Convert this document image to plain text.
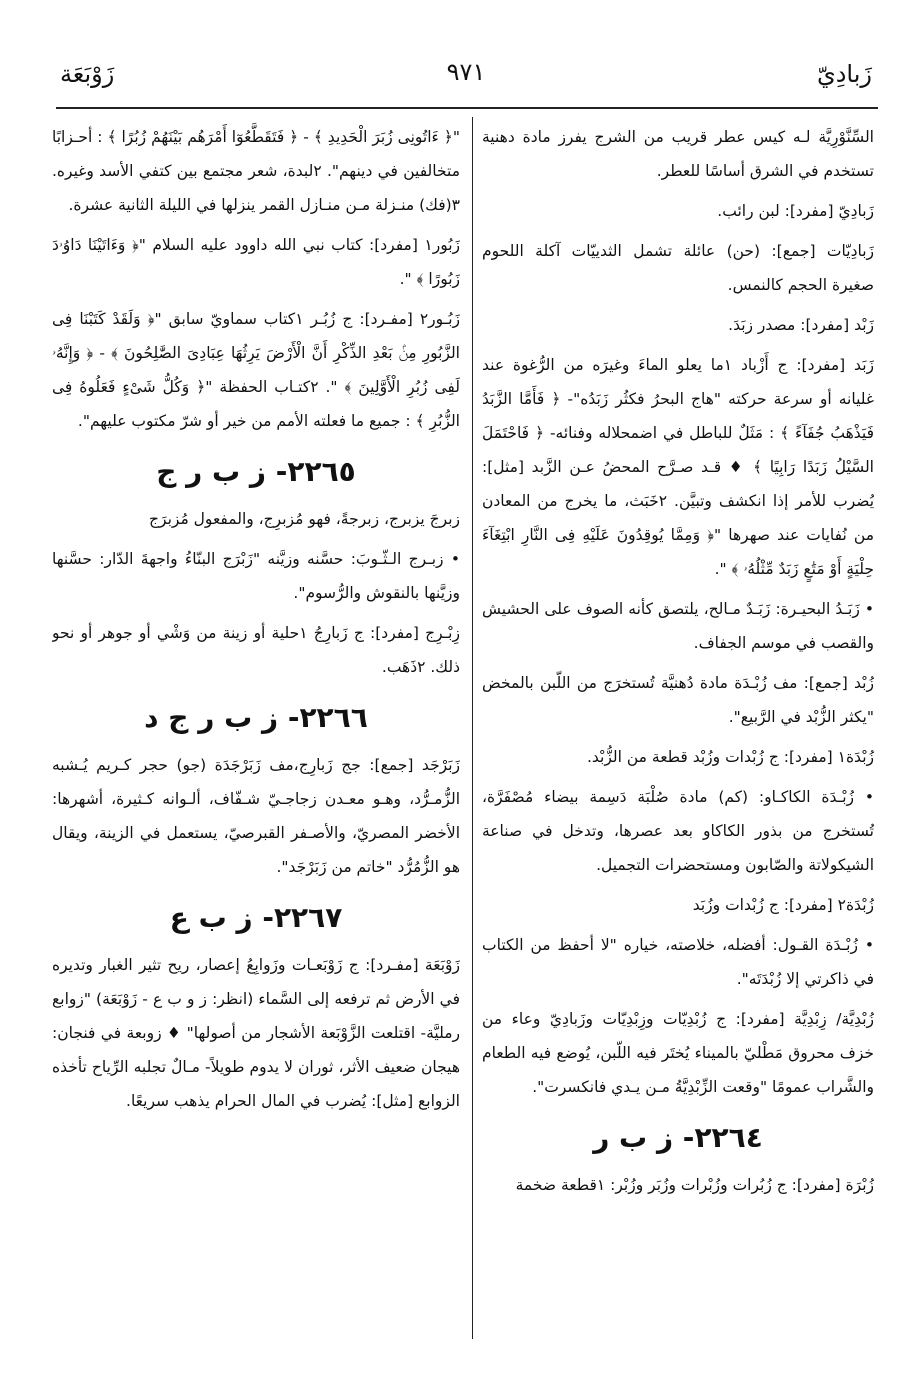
زَبادِيّ
٩٧١
زَوْبَعَة

السِّنَّوْرِيَّة لـه كيس عطر قريب من الشرج يفرز مادة دهنية تستخدم في الشرق أساسًا للعطر.

زَبادِيّ [مفرد]: لبن رائب.

زَبادِيّات [جمع]: (حن) عائلة تشمل الثدييّات آكلة اللحوم صغيرة الحجم كالنمس.

زَبْد [مفرد]: مصدر زبَدَ.

زَبَد [مفرد]: ج أَزْباد ١ما يعلو الماءَ وغيرَه من الرُّغوة عند غليانه أو سرعة حركته "هاج البحرُ فكثُر زَبَدُه"- ﴿ فَأَمَّا الزَّبَدُ فَيَذْهَبُ جُفَآءً ﴾ : مَثَلٌ للباطل في اضمحلاله وفنائه- ﴿ فَاحْتَمَلَ السَّيْلُ زَبَدًا رَابِيًا ﴾ ♦ قـد صـرَّح المحضُ عـن الزَّبد [مثل]: يُضرب للأمر إذا انكشف وتبيَّن. ٢خَبَث، ما يخرج من المعادن من نُفايات عند صهرها "﴿ وَمِمَّا يُوقِدُونَ عَلَيْهِ فِى النَّارِ ابْتِغَآءَ حِلْيَةٍ أَوْ مَتَٰعٍ زَبَدٌ مِّثْلُهُۥ ﴾ ".

• زَبَـدُ البحيـرة: زَبَـدٌ مـالح، يلتصق كأنه الصوف على الحشيش والقصب في موسم الجفاف.

زُبْد [جمع]: مف زُبْـدَة مادة دُهنيَّة تُستخرَج من اللّبن بالمخض "يكثر الزُّبْد في الرَّبيع".

زُبْدَة١ [مفرد]: ج زُبْدات وزُبْد قطعة من الزُّبْد.

• زُبْـدَة الكاكـاو: (كم) مادة صُلْبَة دَسِمة بيضاء مُصْفَرَّة، تُستخرج من بذور الكاكاو بعد عصرها، وتدخل في صناعة الشيكولاتة والصّابون ومستحضرات التجميل.

زُبْدَة٢ [مفرد]: ج زُبْدات وزُبَد

• زُبْـدَة القـول: أفضله، خلاصته، خياره "لا أحفظ من الكتاب في ذاكرتي إلا زُبْدَتَه".

زُبْدِيَّة/ زِبْدِيَّة [مفرد]: ج زُبْدِيّات وزِبْدِيّات وزَبادِيّ وعاء من خزف محروق مَطْليّ بالميناء يُختَر فيه اللّبن، يُوضع فيه الطعام والشَّراب عمومًا "وقعت الزِّبْدِيَّةُ مـن يـدي فانكسرت".

٢٢٦٤- ز ب ر

زُبْرَة [مفرد]: ج زُبُرات وزُبْرات وزُبَر وزُبْر: ١قطعة ضخمة

"﴿ ءَاتُونِى زُبَرَ الْحَدِيدِ ﴾ - ﴿ فَتَقَطَّعُوٓا أَمْرَهُم بَيْنَهُمْ زُبُرًا ﴾ : أحـزابًا متخالفين في دينهم". ٢لبدة، شعر مجتمع بين كتفي الأسد وغيره. ٣(فك) منـزلة مـن منـازل القمر ينزلها في الليلة الثانية عشرة.

زَبُور١ [مفرد]: كتاب نبي الله داوود عليه السلام "﴿ وَءَاتَيْنَا دَاوُۥدَ زَبُورًا ﴾ ".

زَبُـور٢ [مفـرد]: ج زُبُـر ١كتاب سماويّ سابق "﴿ وَلَقَدْ كَتَبْنَا فِى الزَّبُورِ مِنۢ بَعْدِ الذِّكْرِ أَنَّ الْأَرْضَ يَرِثُهَا عِبَادِىَ الصَّٰلِحُونَ ﴾ - ﴿ وَإِنَّهُۥ لَفِى زُبُرِ الْأَوَّلِينَ ﴾ ". ٢كتـاب الحفظة "﴿ وَكُلُّ شَىْءٍ فَعَلُوهُ فِى الزُّبُرِ ﴾ : جميع ما فعلته الأمم من خير أو شرّ مكتوب عليهم".

٢٢٦٥- ز ب ر ج

زبرجَ يزبرج، زبرجةً، فهو مُزبرِج، والمفعول مُزبرَج

• زبـرج الـثّـوبَ: حسَّنه وزيَّنه "زَبْرَج البنّاءُ واجهةَ الدّار: حسَّنها وزيَّنها بالنقوش والرُّسوم".

زِبْـرِج [مفرد]: ج زَبارِجُ ١حلية أو زينة من وَشْي أو جوهر أو نحو ذلك. ٢ذَهَب.

٢٢٦٦- ز ب ر ج د

زَبَرْجَد [جمع]: جج زَبارِج،مف زَبَرْجَدَة (جو) حجر كـريم يُـشبه الزُّمـرُّد، وهـو معـدن زجاجـيّ شـفّاف، ألـوانه كـثيرة، أشهرها: الأخضر المصريّ، والأصـفر القبرصيّ، يستعمل في الزينة، ويقال هو الزُّمُرُّد "خاتم من زَبَرْجَد".

٢٢٦٧- ز ب ع

زَوْبَعَة [مفـرد]: ج زَوْبَعـات وزَوابِعُ إعصار، ريح تثير الغبار وتديره في الأرض ثم ترفعه إلى السَّماء (انظر: ز و ب ع - زَوْبَعَة) "زوابع رمليَّة- اقتلعت الزَّوْبَعة الأشجار من أصولها" ♦ زوبعة في فنجان: هيجان ضعيف الأثر، ثوران لا يدوم طويلاً- مـالٌ تجلبه الرِّياح تأخذه الزوابع [مثل]: يُضرب في المال الحرام يذهب سريعًا.
